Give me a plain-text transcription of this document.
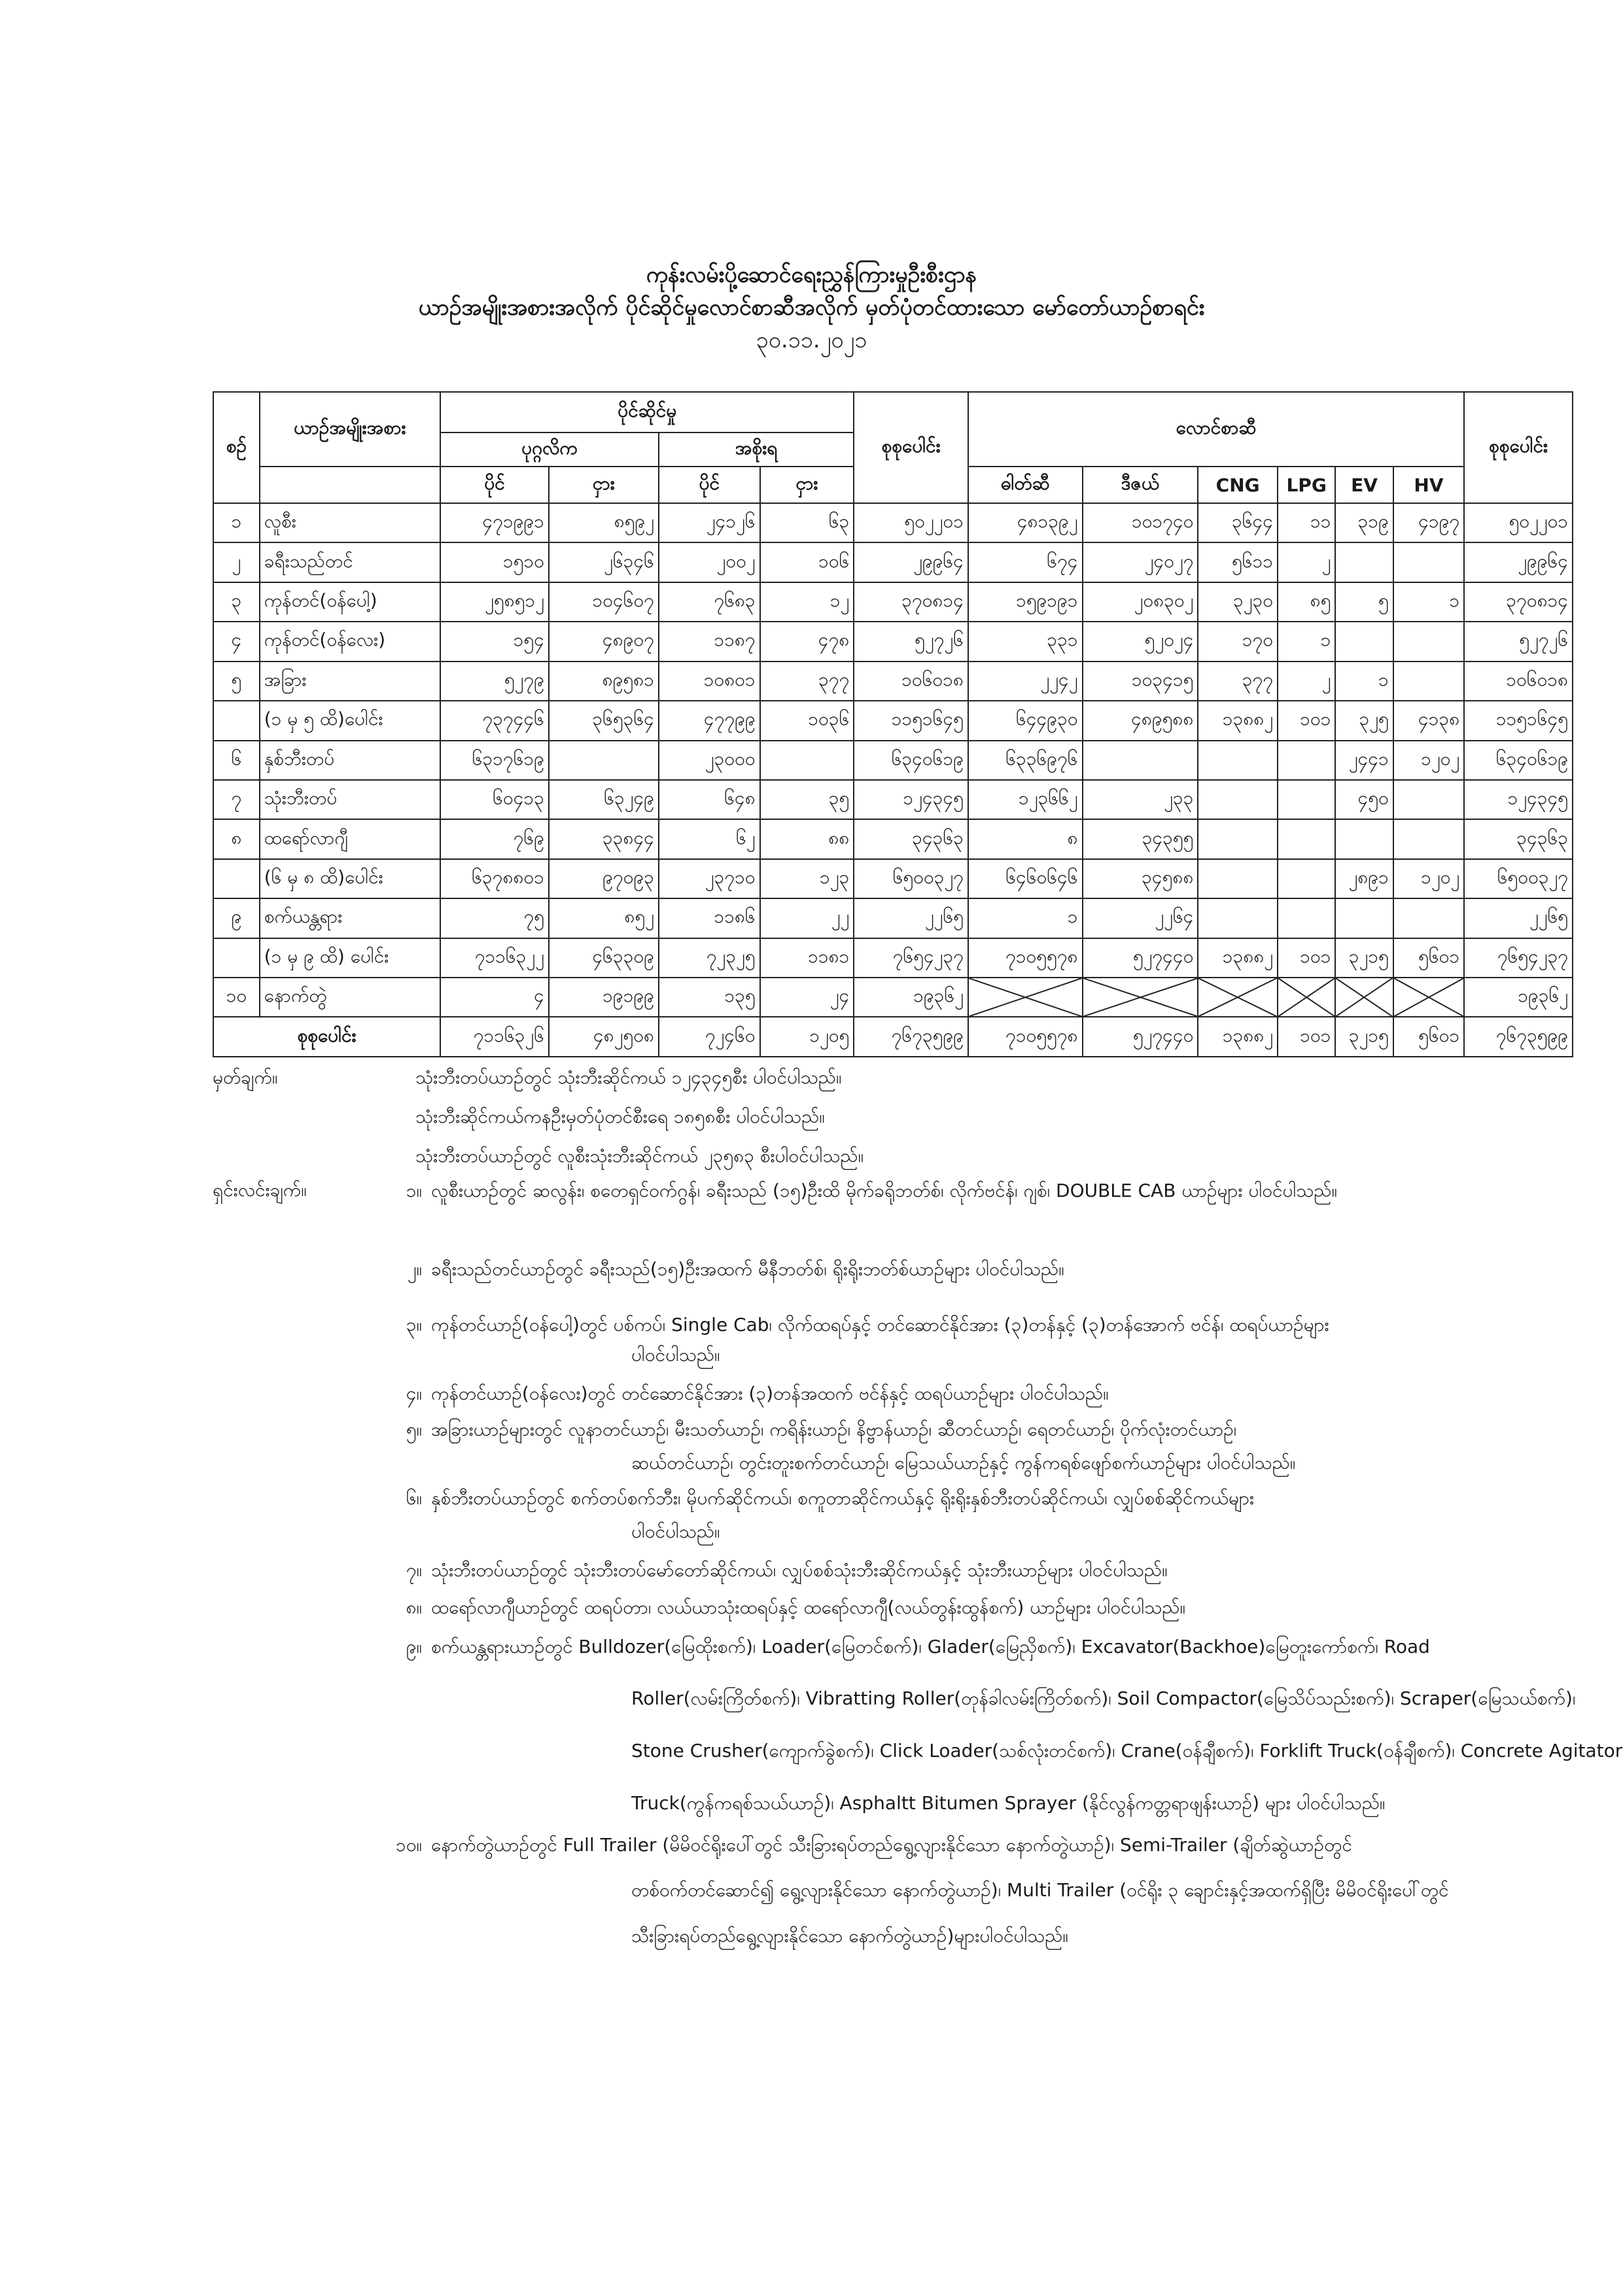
ကုန်းလမ်းပို့ဆောင်ရေးညွှန်ကြားမှုဦးစီးဌာန
ယာဉ်အမျိုးအစားအလိုက် ပိုင်ဆိုင်မှုလောင်စာဆီအလိုက် မှတ်ပုံတင်ထားသော မော်တော်ယာဉ်စာရင်း
၃၀.၁၁.၂၀၂၁
စဉ်	ယာဉ်အမျိုးအစား	ပိုင်ဆိုင်မှု				စုစုပေါင်း	လောင်စာဆီ						စုစုပေါင်း
		ပုဂ္ဂလိက		အစိုးရ									
		ပိုင်	ငှား	ပိုင်	ငှား		ဓါတ်ဆီ	ဒီဇယ်	CNG	LPG	EV	HV	
၁	လူစီး	၄၇၁၉၉၁	၈၅၉၂	၂၄၁၂၆	၆၃	၅၀၂၂၀၁	၄၈၁၃၉၂	၁၀၁၇၄၀	၃၆၄၄	၁၁	၃၁၉	၄၁၉၇	၅၀၂၂၀၁
၂	ခရီးသည်တင်	၁၅၁၀	၂၆၃၄၆	၂၀၀၂	၁၀၆	၂၉၉၆၄	၆၇၄	၂၄၀၂၇	၅၆၁၁	၂			၂၉၉၆၄
၃	ကုန်တင်(ဝန်ပေါ့)	၂၅၈၅၁၂	၁၀၄၆၀၇	၇၆၈၃	၁၂	၃၇၀၈၁၄	၁၅၉၁၉၁	၂၀၈၃၀၂	၃၂၃၀	၈၅	၅	၁	၃၇၀၈၁၄
၄	ကုန်တင်(ဝန်လေး)	၁၅၄	၄၈၉၀၇	၁၁၈၇	၄၇၈	၅၂၇၂၆	၃၃၁	၅၂၀၂၄	၁၇၀	၁			၅၂၇၂၆
၅	အခြား	၅၂၇၉	၈၉၅၈၁	၁၀၈၀၁	၃၇၇	၁၀၆၀၁၈	၂၂၄၂	၁၀၃၄၁၅	၃၇၇	၂	၁		၁၀၆၀၁၈
	(၁ မှ ၅ ထိ)ပေါင်း	၇၃၇၄၄၆	၃၆၅၃၆၄	၄၇၇၉၉	၁၀၃၆	၁၁၅၁၆၄၅	၆၄၄၉၃၀	၄၈၉၅၈၈	၁၃၈၈၂	၁၀၁	၃၂၅	၄၁၃၈	၁၁၅၁၆၄၅
၆	နှစ်ဘီးတပ်	၆၃၁၇၆၁၉		၂၃၀၀၀		၆၃၄၀၆၁၉	၆၃၃၆၉၇၆				၂၄၄၁	၁၂၀၂	၆၃၄၀၆၁၉
၇	သုံးဘီးတပ်	၆၀၄၁၃	၆၃၂၄၉	၆၄၈	၃၅	၁၂၄၃၄၅	၁၂၃၆၆၂	၂၃၃			၄၅၀		၁၂၄၃၄၅
၈	ထရော်လာဂျီ	၇၆၉	၃၃၈၄၄	၆၂	၈၈	၃၄၃၆၃	၈	၃၄၃၅၅					၃၄၃၆၃
	(၆ မှ ၈ ထိ)ပေါင်း	၆၃၇၈၈၀၁	၉၇၀၉၃	၂၃၇၁၀	၁၂၃	၆၅၀၀၃၂၇	၆၄၆၀၆၄၆	၃၄၅၈၈			၂၈၉၁	၁၂၀၂	၆၅၀၀၃၂၇
၉	စက်ယန္တရား	၇၅	၈၅၂	၁၁၈၆	၂၂	၂၂၆၅	၁	၂၂၆၄					၂၂၆၅
	(၁ မှ ၉ ထိ) ပေါင်း	၇၁၁၆၃၂၂	၄၆၃၃၀၉	၇၂၃၂၅	၁၁၈၁	၇၆၅၄၂၃၇	၇၁၀၅၅၇၈	၅၂၇၄၄၀	၁၃၈၈၂	၁၀၁	၃၂၁၅	၅၆၀၁	၇၆၅၄၂၃၇
၁၀	နောက်တွဲ	၄	၁၉၁၉၉	၁၃၅	၂၄	၁၉၃၆၂							၁၉၃၆၂
စုစုပေါင်း		၇၁၁၆၃၂၆	၄၈၂၅၀၈	၇၂၄၆၀	၁၂၀၅	၇၆၇၃၅၉၉	၇၁၀၅၅၇၈	၅၂၇၄၄၀	၁၃၈၈၂	၁၀၁	၃၂၁၅	၅၆၀၁	၇၆၇၃၅၉၉
မှတ်ချက်။	သုံးဘီးတပ်ယာဉ်တွင် သုံးဘီးဆိုင်ကယ် ၁၂၄၃၄၅စီး ပါဝင်ပါသည်။
သုံးဘီးဆိုင်ကယ်ကနဦးမှတ်ပုံတင်စီးရေ ၁၈၅၈စီး ပါဝင်ပါသည်။
သုံးဘီးတပ်ယာဉ်တွင် လူစီးသုံးဘီးဆိုင်ကယ် ၂၃၅၈၃ စီးပါဝင်ပါသည်။
ရှင်းလင်းချက်။	၁။ လူစီးယာဉ်တွင် ဆလွန်း၊ စတေရှင်ဝက်ဂွန်၊ ခရီးသည် (၁၅)ဦးထိ မိုက်ခရိုဘတ်စ်၊ လိုက်ဗင်န်၊ ဂျစ်၊ DOUBLE CAB ယာဉ်များ ပါဝင်ပါသည်။
၂။ ခရီးသည်တင်ယာဉ်တွင် ခရီးသည်(၁၅)ဦးအထက် မီနီဘတ်စ်၊ ရိုးရိုးဘတ်စ်ယာဉ်များ ပါဝင်ပါသည်။
၃။ ကုန်တင်ယာဉ်(ဝန်ပေါ့)တွင် ပစ်ကပ်၊ Single Cab၊ လိုက်ထရပ်နှင့် တင်ဆောင်နိုင်အား (၃)တန်နှင့် (၃)တန်အောက် ဗင်န်၊ ထရပ်ယာဉ်များ
ပါဝင်ပါသည်။
၄။ ကုန်တင်ယာဉ်(ဝန်လေး)တွင် တင်ဆောင်နိုင်အား (၃)တန်အထက် ဗင်န်နှင့် ထရပ်ယာဉ်များ ပါဝင်ပါသည်။
၅။ အခြားယာဉ်များတွင် လူနာတင်ယာဉ်၊ မီးသတ်ယာဉ်၊ ကရိန်းယာဉ်၊ နိဗ္ဗာန်ယာဉ်၊ ဆီတင်ယာဉ်၊ ရေတင်ယာဉ်၊ ပိုက်လုံးတင်ယာဉ်၊
ဆယ်တင်ယာဉ်၊ တွင်းတူးစက်တင်ယာဉ်၊ မြေသယ်ယာဉ်နှင့် ကွန်ကရစ်ဖျော်စက်ယာဉ်များ ပါဝင်ပါသည်။
၆။ နှစ်ဘီးတပ်ယာဉ်တွင် စက်တပ်စက်ဘီး၊ မိုပက်ဆိုင်ကယ်၊ စကူတာဆိုင်ကယ်နှင့် ရိုးရိုးနှစ်ဘီးတပ်ဆိုင်ကယ်၊ လျှပ်စစ်ဆိုင်ကယ်များ
ပါဝင်ပါသည်။
၇။ သုံးဘီးတပ်ယာဉ်တွင် သုံးဘီးတပ်မော်တော်ဆိုင်ကယ်၊ လျှပ်စစ်သုံးဘီးဆိုင်ကယ်နှင့် သုံးဘီးယာဉ်များ ပါဝင်ပါသည်။
၈။ ထရော်လာဂျီယာဉ်တွင် ထရပ်တာ၊ လယ်ယာသုံးထရပ်နှင့် ထရော်လာဂျီ(လယ်တွန်းထွန်စက်) ယာဉ်များ ပါဝင်ပါသည်။
၉။ စက်ယန္တရားယာဉ်တွင် Bulldozer(မြေထိုးစက်)၊ Loader(မြေတင်စက်)၊ Glader(မြေညှိစက်)၊ Excavator(Backhoe)မြေတူးကော်စက်၊ Road
Roller(လမ်းကြိတ်စက်)၊ Vibratting Roller(တုန်ခါလမ်းကြိတ်စက်)၊ Soil Compactor(မြေသိပ်သည်းစက်)၊ Scraper(မြေသယ်စက်)၊
Stone Crusher(ကျောက်ခွဲစက်)၊ Click Loader(သစ်လုံးတင်စက်)၊ Crane(ဝန်ချီစက်)၊ Forklift Truck(ဝန်ချီစက်)၊ Concrete Agitator
Truck(ကွန်ကရစ်သယ်ယာဉ်)၊ Asphaltt Bitumen Sprayer (နိုင်လွန်ကတ္တရာဖျန်းယာဉ်) များ ပါဝင်ပါသည်။
၁၀။ နောက်တွဲယာဉ်တွင် Full Trailer (မိမိဝင်ရိုးပေါ်တွင် သီးခြားရပ်တည်ရွေ့လျားနိုင်သော နောက်တွဲယာဉ်)၊ Semi-Trailer (ချိတ်ဆွဲယာဉ်တွင်
တစ်ဝက်တင်ဆောင်၍ ရွေ့လျားနိုင်သော နောက်တွဲယာဉ်)၊ Multi Trailer (ဝင်ရိုး ၃ ချောင်းနှင့်အထက်ရှိပြီး မိမိဝင်ရိုးပေါ်တွင်
သီးခြားရပ်တည်ရွေ့လျားနိုင်သော နောက်တွဲယာဉ်)များပါဝင်ပါသည်။
